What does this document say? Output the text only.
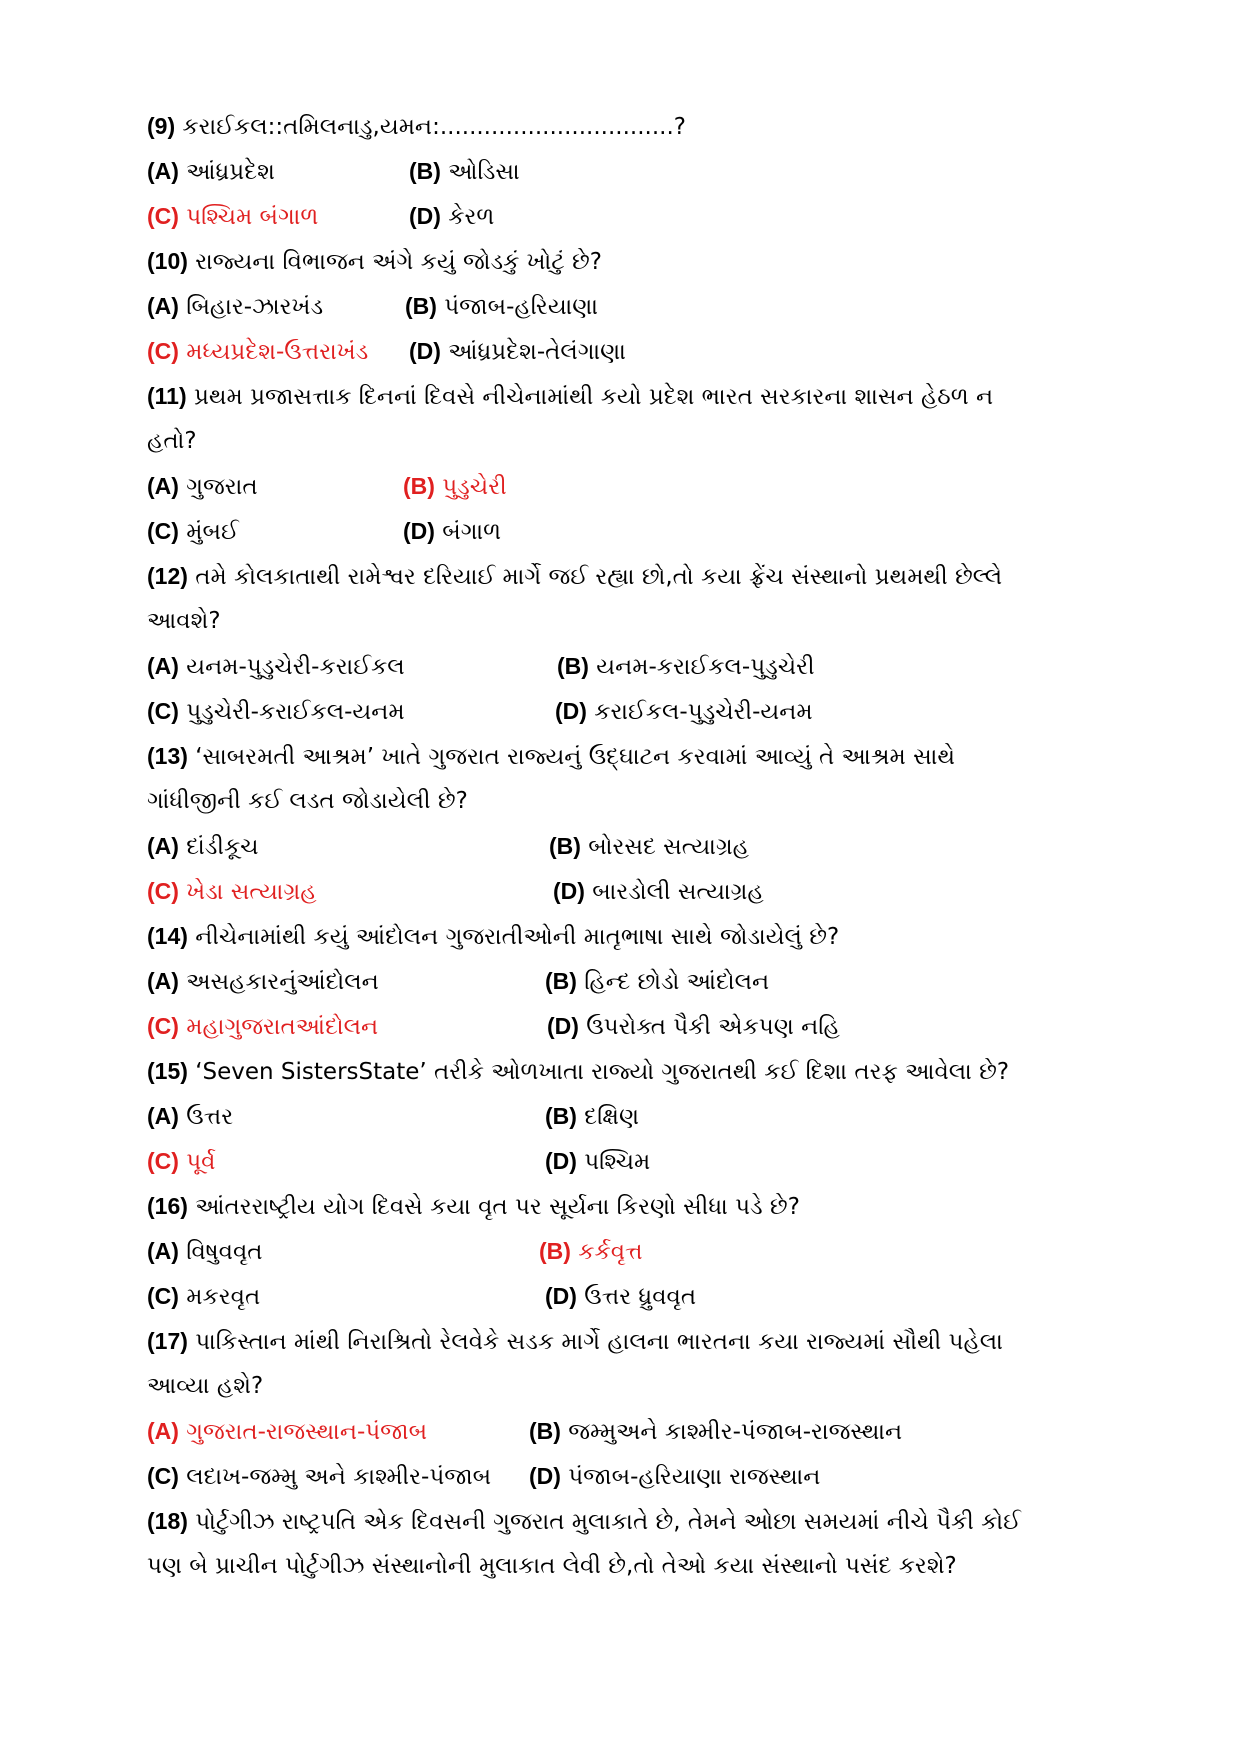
(9) કરાઈકલ::તમિલનાડુ,યમન:................................?
(A) આંધ્રપ્રદેશ	(B) ઓડિસા
(C) પશ્ચિમ બંગાળ	(D) કેરળ
(10) રાજ્યના વિભાજન અંગે કયું જોડકું ખોટું છે?
(A) બિહાર-ઝારખંડ	(B) પંજાબ-હરિયાણા
(C) મધ્યપ્રદેશ-ઉત્તરાખંડ (D) આંધ્રપ્રદેશ-તેલંગાણા
(11) પ્રથમ પ્રજાસત્તાક દિનનાં દિવસે નીચેનામાંથી કયો પ્રદેશ ભારત સરકારના શાસન હેઠળ ન
હતો?
(A) ગુજરાત	(B) પુડુચેરી
(C) મુંબઈ	(D) બંગાળ
(12) તમે કોલકાતાથી રામેશ્વર દરિયાઈ માર્ગે જઈ રહ્યા છો,તો કયા ફ્રેંચ સંસ્થાનો પ્રથમથી છેલ્લે
આવશે?
(A) યનમ-પુડુચેરી-કરાઈકલ	(B) યનમ-કરાઈકલ-પુડુચેરી
(C) પુડુચેરી-કરાઈકલ-યનમ	(D) કરાઈકલ-પુડુચેરી-યનમ
(13) ‘સાબરમતી આશ્રમ’ ખાતે ગુજરાત રાજ્યનું ઉદ્ઘાટન કરવામાં આવ્યું તે આશ્રમ સાથે
ગાંધીજીની કઈ લડત જોડાયેલી છે?
(A) દાંડીકૂચ	(B) બોરસદ સત્યાગ્રહ
(C) ખેડા સત્યાગ્રહ	(D) બારડોલી સત્યાગ્રહ
(14) નીચેનામાંથી કયું આંદોલન ગુજરાતીઓની માતૃભાષા સાથે જોડાયેલું છે?
(A) અસહકારનુંઆંદોલન	(B) હિન્દ છોડો આંદોલન
(C) મહાગુજરાતઆંદોલન	(D) ઉપરોક્ત પૈકી એકપણ નહિ
(15) ‘Seven SistersState’ તરીકે ઓળખાતા રાજ્યો ગુજરાતથી કઈ દિશા તરફ આવેલા છે?
(A) ઉત્તર	(B) દક્ષિણ
(C) પૂર્વ	(D) પશ્ચિમ
(16) આંતરરાષ્ટ્રીય યોગ દિવસે કયા વૃત પર સૂર્યના કિરણો સીધા પડે છે?
(A) વિષુવવૃત	(B) કર્કવૃત્ત
(C) મકરવૃત	(D) ઉત્તર ધ્રુવવૃત
(17) પાકિસ્તાન માંથી નિરાશ્રિતો રેલવેકે સડક માર્ગે હાલના ભારતના કયા રાજ્યમાં સૌથી પહેલા
આવ્યા હશે?
(A) ગુજરાત-રાજસ્થાન-પંજાબ	(B) જમ્મુઅને કાશ્મીર-પંજાબ-રાજસ્થાન
(C) લદાખ-જમ્મુ અને કાશ્મીર-પંજાબ (D) પંજાબ-હરિયાણા રાજસ્થાન
(18) પોર્ટુગીઝ રાષ્ટ્રપતિ એક દિવસની ગુજરાત મુલાકાતે છે, તેમને ઓછા સમયમાં નીચે પૈકી કોઈ
પણ બે પ્રાચીન પોર્ટુગીઝ સંસ્થાનોની મુલાકાત લેવી છે,તો તેઓ કયા સંસ્થાનો પસંદ કરશે?
